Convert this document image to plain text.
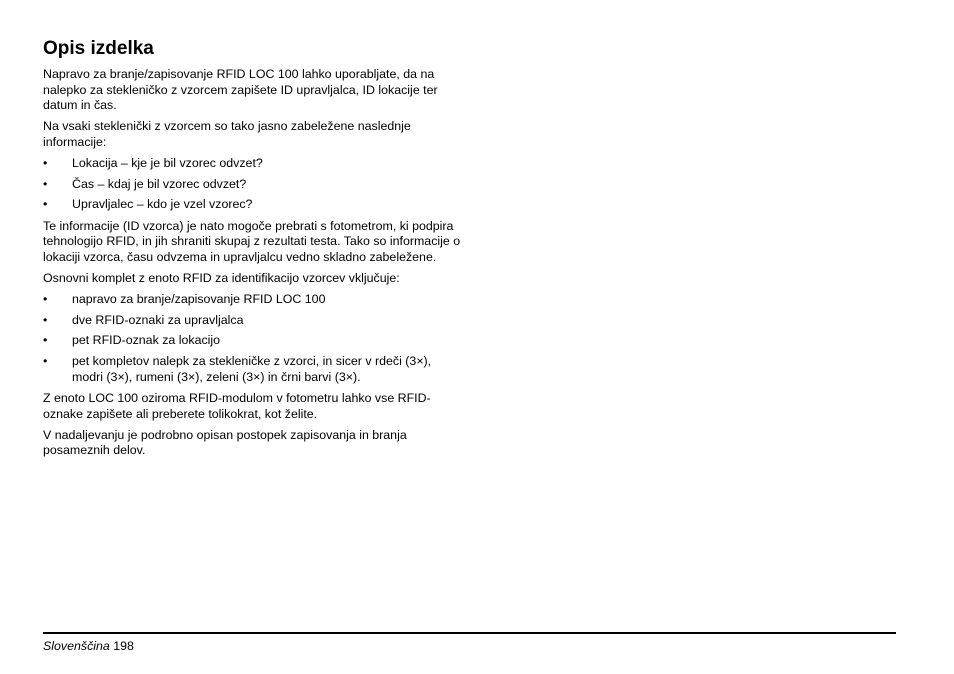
Opis izdelka

Napravo za branje/zapisovanje RFID LOC 100 lahko uporabljate, da na nalepko za stekleničko z vzorcem zapišete ID upravljalca, ID lokacije ter datum in čas.

Na vsaki steklenički z vzorcem so tako jasno zabeležene naslednje informacije:

• Lokacija – kje je bil vzorec odvzet?
• Čas – kdaj je bil vzorec odvzet?
• Upravljalec – kdo je vzel vzorec?

Te informacije (ID vzorca) je nato mogoče prebrati s fotometrom, ki podpira tehnologijo RFID, in jih shraniti skupaj z rezultati testa. Tako so informacije o lokaciji vzorca, času odvzema in upravljalcu vedno skladno zabeležene.

Osnovni komplet z enoto RFID za identifikacijo vzorcev vključuje:

• napravo za branje/zapisovanje RFID LOC 100
• dve RFID-oznaki za upravljalca
• pet RFID-oznak za lokacijo
• pet kompletov nalepk za stekleničke z vzorci, in sicer v rdeči (3×), modri (3×), rumeni (3×), zeleni (3×) in črni barvi (3×).

Z enoto LOC 100 oziroma RFID-modulom v fotometru lahko vse RFID-oznake zapišete ali preberete tolikokrat, kot želite.

V nadaljevanju je podrobno opisan postopek zapisovanja in branja posameznih delov.

Slovenščina 198
